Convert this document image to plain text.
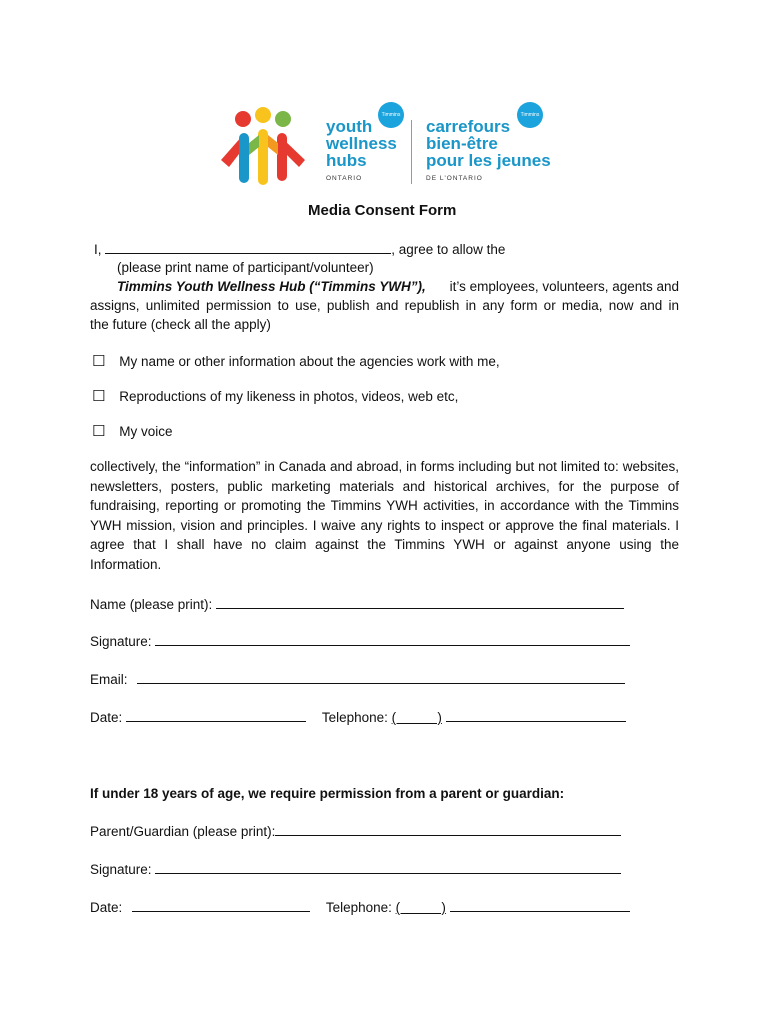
youth
wellness
hubs
ONTARIO
Timmins
carrefours
bien-être
pour les jeunes
DE L'ONTARIO
Timmins
Media Consent Form
I,	, agree to allow the
(please print name of participant/volunteer)
Timmins Youth Wellness Hub (“Timmins YWH”), it’s employees, volunteers, agents and
assigns, unlimited permission to use, publish and republish in any form or media, now and in
the future (check all the apply)
☐ My name or other information about the agencies work with me,
☐ Reproductions of my likeness in photos, videos, web etc,
☐ My voice
collectively, the “information” in Canada and abroad, in forms including but not limited to: websites, newsletters, posters, public marketing materials and historical archives, for the purpose of fundraising, reporting or promoting the Timmins YWH activities, in accordance with the Timmins YWH mission, vision and principles. I waive any rights to inspect or approve the final materials. I agree that I shall have no claim against the Timmins YWH or against anyone using the Information.
Name (please print):
Signature:
Email:
Date:	Telephone: (           )
If under 18 years of age, we require permission from a parent or guardian:
Parent/Guardian (please print):
Signature:
Date:	Telephone: (           )
